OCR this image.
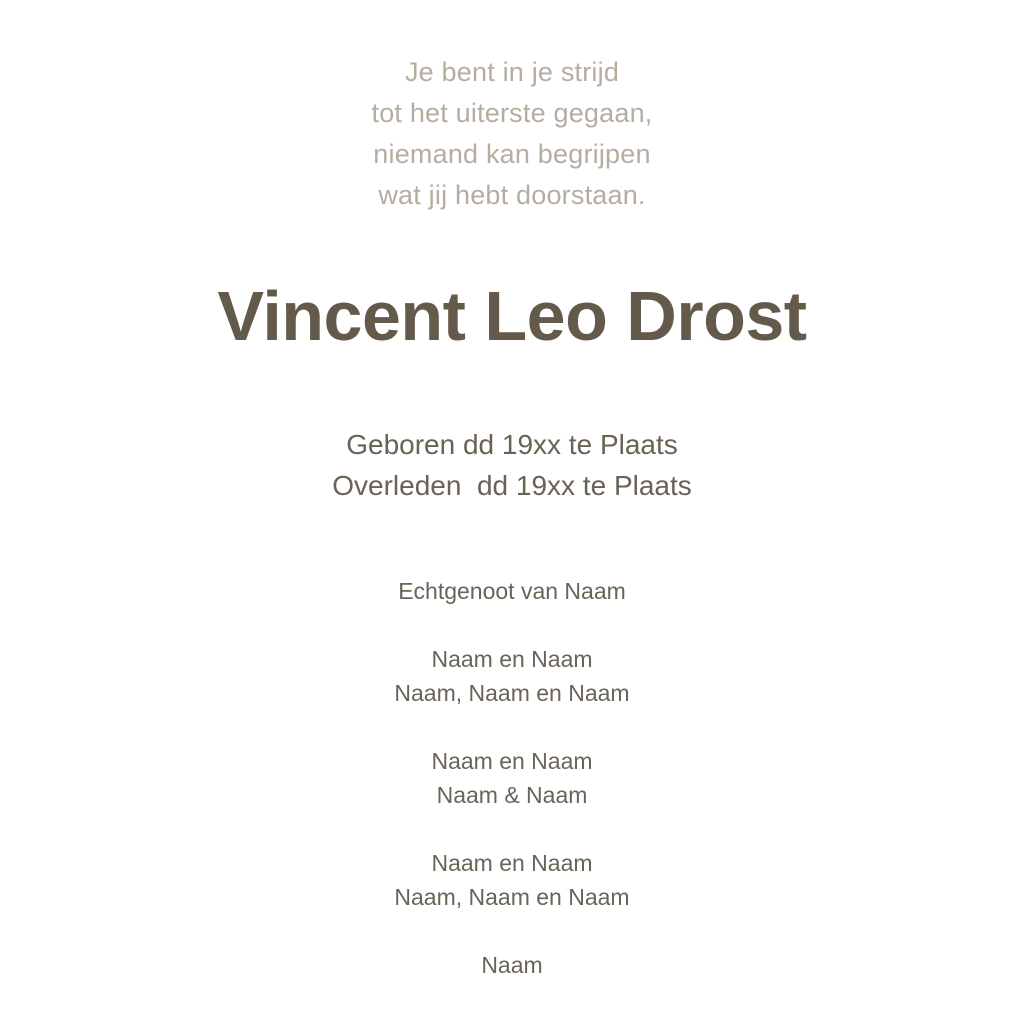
Je bent in je strijd
tot het uiterste gegaan,
niemand kan begrijpen
wat jij hebt doorstaan.
Vincent Leo Drost
Geboren dd 19xx te Plaats
Overleden  dd 19xx te Plaats
Echtgenoot van Naam
Naam en Naam
Naam, Naam en Naam
Naam en Naam
Naam & Naam
Naam en Naam
Naam, Naam en Naam
Naam
